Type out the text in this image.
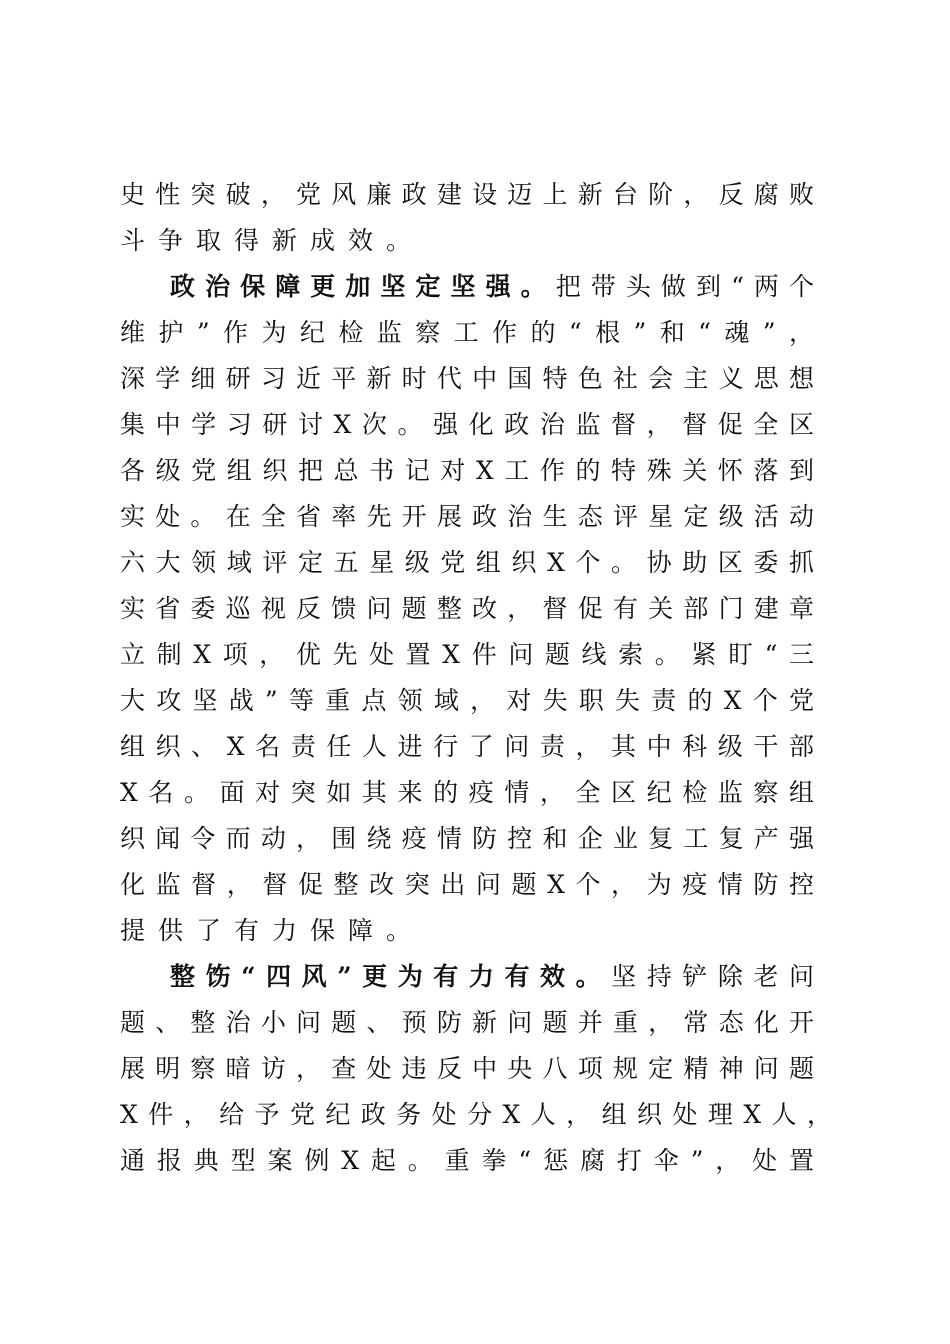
史性突破，党风廉政建设迈上新台阶，反腐败
斗争取得新成效。
政治保障更加坚定坚强。把带头做到“两个
维护”作为纪检监察工作的“根”和“魂”，
深学细研习近平新时代中国特色社会主义思想
集中学习研讨X次。强化政治监督，督促全区
各级党组织把总书记对X工作的特殊关怀落到
实处。在全省率先开展政治生态评星定级活动
六大领域评定五星级党组织X个。协助区委抓
实省委巡视反馈问题整改，督促有关部门建章
立制X项，优先处置X件问题线索。紧盯“三
大攻坚战”等重点领域，对失职失责的X个党
组织、X名责任人进行了问责，其中科级干部
X名。面对突如其来的疫情，全区纪检监察组
织闻令而动，围绕疫情防控和企业复工复产强
化监督，督促整改突出问题X个，为疫情防控
提供了有力保障。
整饬“四风”更为有力有效。坚持铲除老问
题、整治小问题、预防新问题并重，常态化开
展明察暗访，查处违反中央八项规定精神问题
X件，给予党纪政务处分X人，组织处理X人，
通报典型案例X起。重拳“惩腐打伞”，处置
